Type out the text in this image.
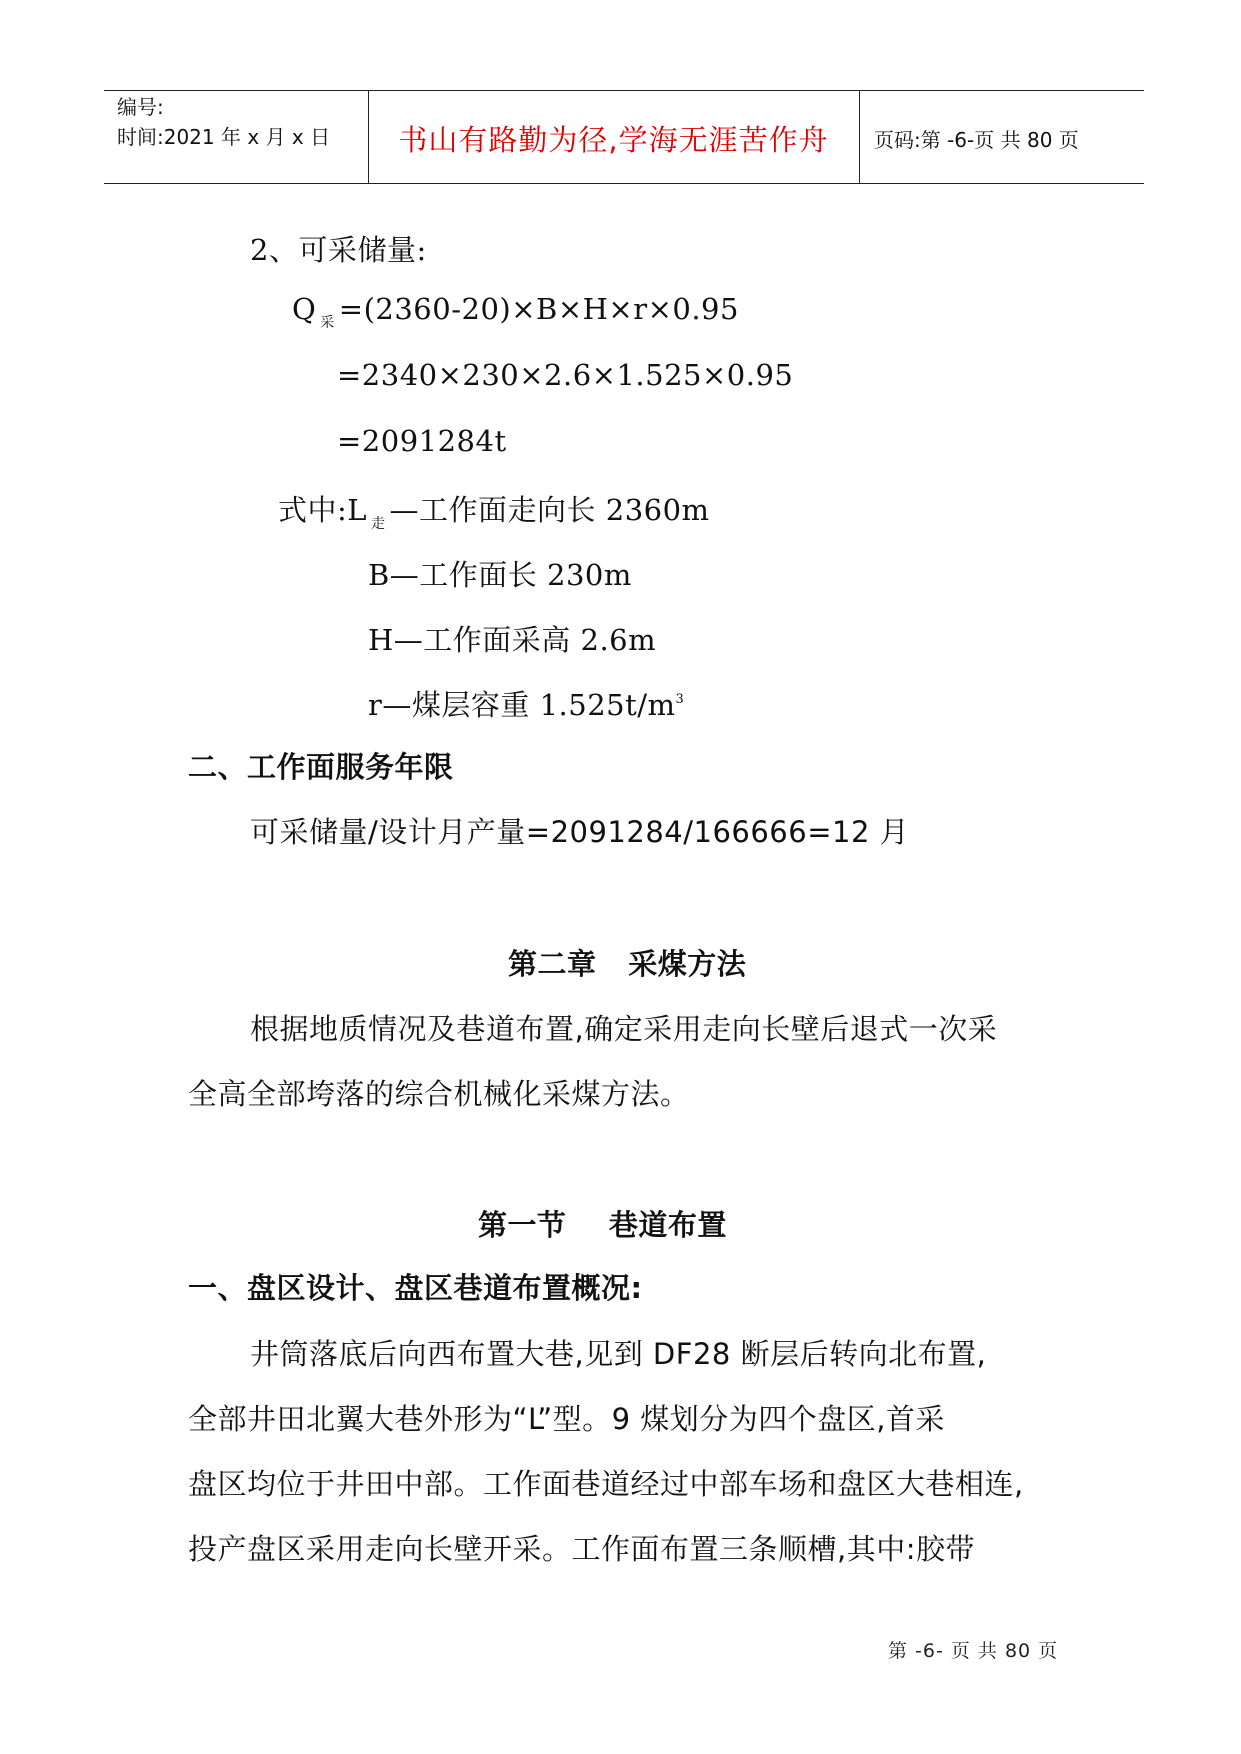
编号:
时间:2021 年 x 月 x 日	书山有路勤为径,学海无涯苦作舟	页码:第 -6-页 共 80 页
2、可采储量:
Q $_采$ =(2360-20)×B×H×r×0.95
=2340×230×2.6×1.525×0.95
=2091284t
式中:L $_走$ —工作面走向长 2360m
B—工作面长 230m
H—工作面采高 2.6m
r—煤层容重 $1.525t/m^3$
二、工作面服务年限
可采储量/设计月产量=2091284/166666=12 月
第二章   采煤方法
根据地质情况及巷道布置,确定采用走向长壁后退式一次采
全高全部垮落的综合机械化采煤方法。
第一节    巷道布置
一、盘区设计、盘区巷道布置概况:
井筒落底后向西布置大巷,见到 DF28 断层后转向北布置,
全部井田北翼大巷外形为“L”型。9 煤划分为四个盘区,首采
盘区均位于井田中部。工作面巷道经过中部车场和盘区大巷相连,
投产盘区采用走向长壁开采。工作面布置三条顺槽,其中:胶带
第 -6- 页 共 80 页
